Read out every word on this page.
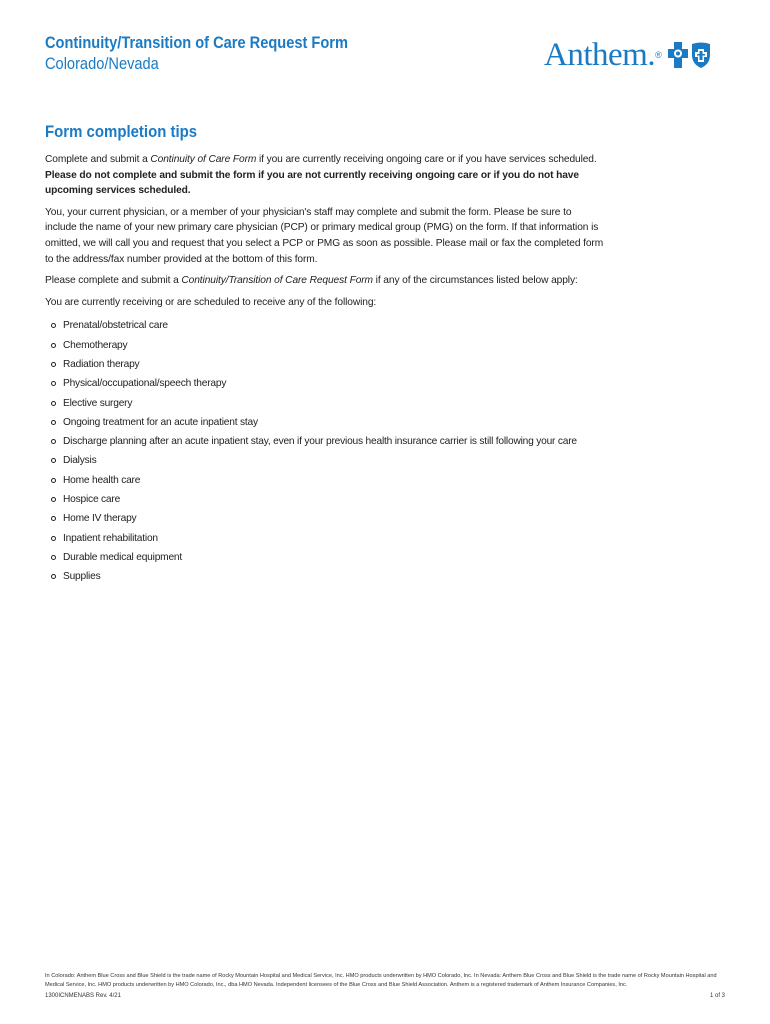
Continuity/Transition of Care Request Form
Colorado/Nevada	Anthem. ®
Form completion tips

Complete and submit a Continuity of Care Form if you are currently receiving ongoing care or if you have services scheduled. Please do not complete and submit the form if you are not currently receiving ongoing care or if you do not have upcoming services scheduled.

You, your current physician, or a member of your physician's staff may complete and submit the form. Please be sure to include the name of your new primary care physician (PCP) or primary medical group (PMG) on the form. If that information is omitted, we will call you and request that you select a PCP or PMG as soon as possible. Please mail or fax the completed form to the address/fax number provided at the bottom of this form.

Please complete and submit a Continuity/Transition of Care Request Form if any of the circumstances listed below apply:

You are currently receiving or are scheduled to receive any of the following:

Prenatal/obstetrical care
Chemotherapy
Radiation therapy
Physical/occupational/speech therapy
Elective surgery
Ongoing treatment for an acute inpatient stay
Discharge planning after an acute inpatient stay, even if your previous health insurance carrier is still following your care
Dialysis
Home health care
Hospice care
Home IV therapy
Inpatient rehabilitation
Durable medical equipment
Supplies
In Colorado: Anthem Blue Cross and Blue Shield is the trade name of Rocky Mountain Hospital and Medical Service, Inc. HMO products underwritten by HMO Colorado, Inc. In Nevada: Anthem Blue Cross and Blue Shield is the trade name of Rocky Mountain Hospital and Medical Service, Inc. HMO products underwritten by HMO Colorado, Inc., dba HMO Nevada. Independent licensees of the Blue Cross and Blue Shield Association. Anthem is a registered trademark of Anthem Insurance Companies, Inc.
1300ICNMENABS Rev. 4/21	1 of 3
